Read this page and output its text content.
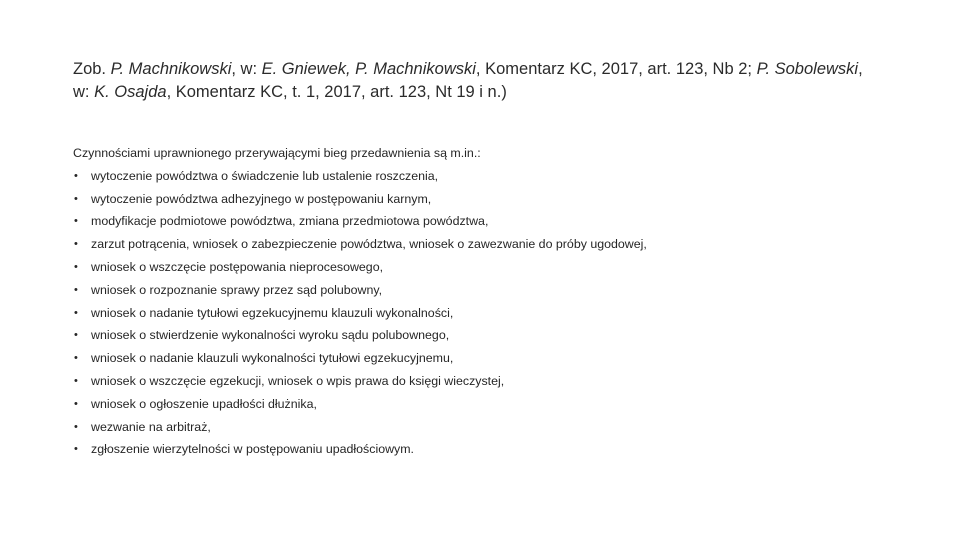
Zob. P. Machnikowski, w: E. Gniewek, P. Machnikowski, Komentarz KC, 2017, art. 123, Nb 2; P. Sobolewski, w: K. Osajda, Komentarz KC, t. 1, 2017, art. 123, Nt 19 i n.)

Czynnościami uprawnionego przerywającymi bieg przedawnienia są m.in.:
• wytoczenie powództwa o świadczenie lub ustalenie roszczenia,
• wytoczenie powództwa adhezyjnego w postępowaniu karnym,
• modyfikacje podmiotowe powództwa, zmiana przedmiotowa powództwa,
• zarzut potrącenia, wniosek o zabezpieczenie powództwa, wniosek o zawezwanie do próby ugodowej,
• wniosek o wszczęcie postępowania nieprocesowego,
• wniosek o rozpoznanie sprawy przez sąd polubowny,
• wniosek o nadanie tytułowi egzekucyjnemu klauzuli wykonalności,
• wniosek o stwierdzenie wykonalności wyroku sądu polubownego,
• wniosek o nadanie klauzuli wykonalności tytułowi egzekucyjnemu,
• wniosek o wszczęcie egzekucji, wniosek o wpis prawa do księgi wieczystej,
• wniosek o ogłoszenie upadłości dłużnika,
• wezwanie na arbitraż,
• zgłoszenie wierzytelności w postępowaniu upadłościowym.
